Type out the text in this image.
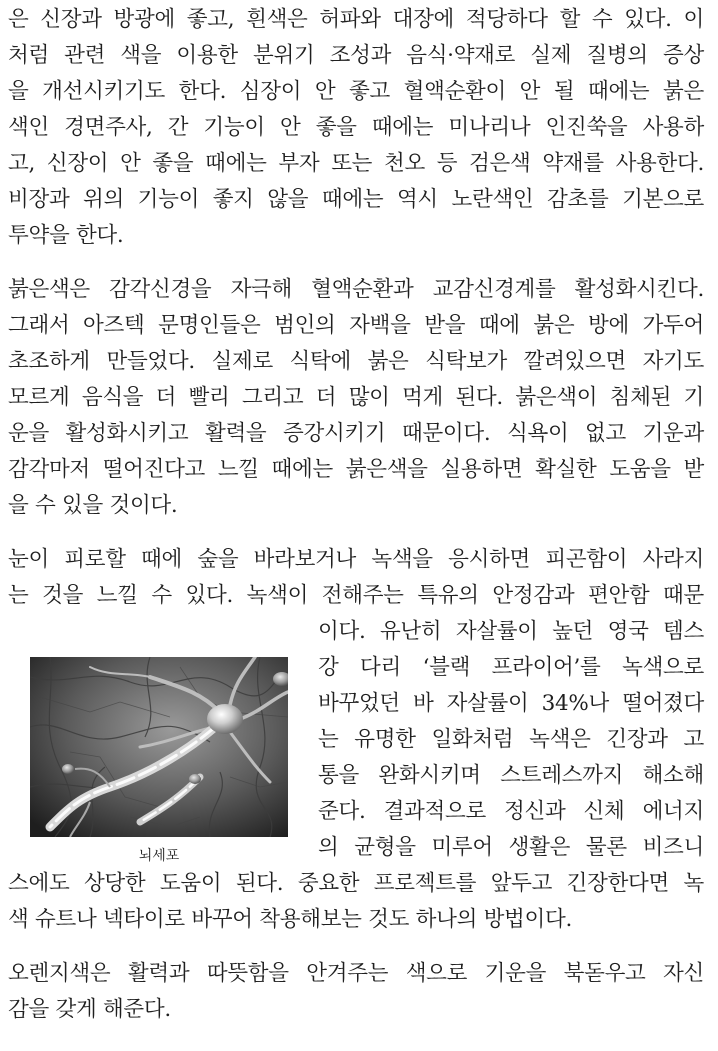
은 신장과 방광에 좋고, 흰색은 허파와 대장에 적당하다 할 수 있다. 이
처럼 관련 색을 이용한 분위기 조성과 음식·약재로 실제 질병의 증상
을 개선시키기도 한다. 심장이 안 좋고 혈액순환이 안 될 때에는 붉은
색인 경면주사, 간 기능이 안 좋을 때에는 미나리나 인진쑥을 사용하
고, 신장이 안 좋을 때에는 부자 또는 천오 등 검은색 약재를 사용한다.
비장과 위의 기능이 좋지 않을 때에는 역시 노란색인 감초를 기본으로
투약을 한다.
붉은색은 감각신경을 자극해 혈액순환과 교감신경계를 활성화시킨다.
그래서 아즈텍 문명인들은 범인의 자백을 받을 때에 붉은 방에 가두어
초조하게 만들었다. 실제로 식탁에 붉은 식탁보가 깔려있으면 자기도
모르게 음식을 더 빨리 그리고 더 많이 먹게 된다. 붉은색이 침체된 기
운을 활성화시키고 활력을 증강시키기 때문이다. 식욕이 없고 기운과
감각마저 떨어진다고 느낄 때에는 붉은색을 실용하면 확실한 도움을 받
을 수 있을 것이다.
눈이 피로할 때에 숲을 바라보거나 녹색을 응시하면 피곤함이 사라지
는 것을 느낄 수 있다. 녹색이 전해주는 특유의 안정감과 편안함 때문
이다. 유난히 자살률이 높던 영국 템스
강 다리 ‘블랙 프라이어’를 녹색으로
바꾸었던 바 자살률이 34%나 떨어졌다
는 유명한 일화처럼 녹색은 긴장과 고
통을 완화시키며 스트레스까지 해소해
준다. 결과적으로 정신과 신체 에너지
의 균형을 미루어 생활은 물론 비즈니
스에도 상당한 도움이 된다. 중요한 프로젝트를 앞두고 긴장한다면 녹
색 슈트나 넥타이로 바꾸어 착용해보는 것도 하나의 방법이다.
오렌지색은 활력과 따뜻함을 안겨주는 색으로 기운을 북돋우고 자신
감을 갖게 해준다.
뇌세포
